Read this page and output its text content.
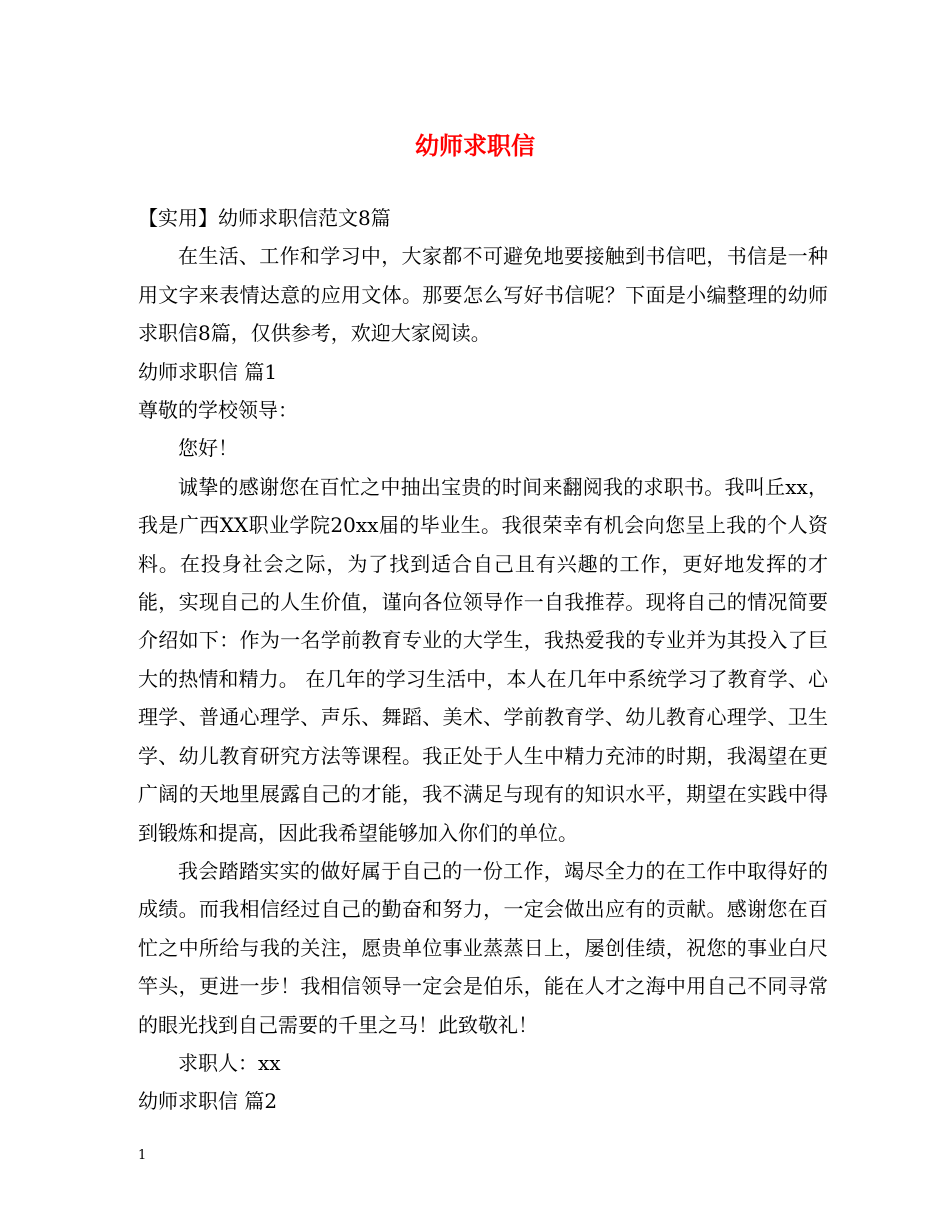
幼师求职信

【实用】幼师求职信范文8篇

在生活、工作和学习中，大家都不可避免地要接触到书信吧，书信是一种用文字来表情达意的应用文体。那要怎么写好书信呢？下面是小编整理的幼师求职信8篇，仅供参考，欢迎大家阅读。

幼师求职信 篇1

尊敬的学校领导：

您好！

诚挚的感谢您在百忙之中抽出宝贵的时间来翻阅我的求职书。我叫丘xx，我是广西XX职业学院20xx届的毕业生。我很荣幸有机会向您呈上我的个人资料。在投身社会之际，为了找到适合自己且有兴趣的工作，更好地发挥的才能，实现自己的人生价值，谨向各位领导作一自我推荐。现将自己的情况简要介绍如下：作为一名学前教育专业的大学生，我热爱我的专业并为其投入了巨大的热情和精力。 在几年的学习生活中，本人在几年中系统学习了教育学、心理学、普通心理学、声乐、舞蹈、美术、学前教育学、幼儿教育心理学、卫生学、幼儿教育研究方法等课程。我正处于人生中精力充沛的时期，我渴望在更广阔的天地里展露自己的才能，我不满足与现有的知识水平，期望在实践中得到锻炼和提高，因此我希望能够加入你们的单位。

我会踏踏实实的做好属于自己的一份工作，竭尽全力的在工作中取得好的成绩。而我相信经过自己的勤奋和努力，一定会做出应有的贡献。感谢您在百忙之中所给与我的关注，愿贵单位事业蒸蒸日上，屡创佳绩，祝您的事业白尺竿头，更进一步！我相信领导一定会是伯乐，能在人才之海中用自己不同寻常的眼光找到自己需要的千里之马！此致敬礼！

求职人：xx

幼师求职信 篇2

1
